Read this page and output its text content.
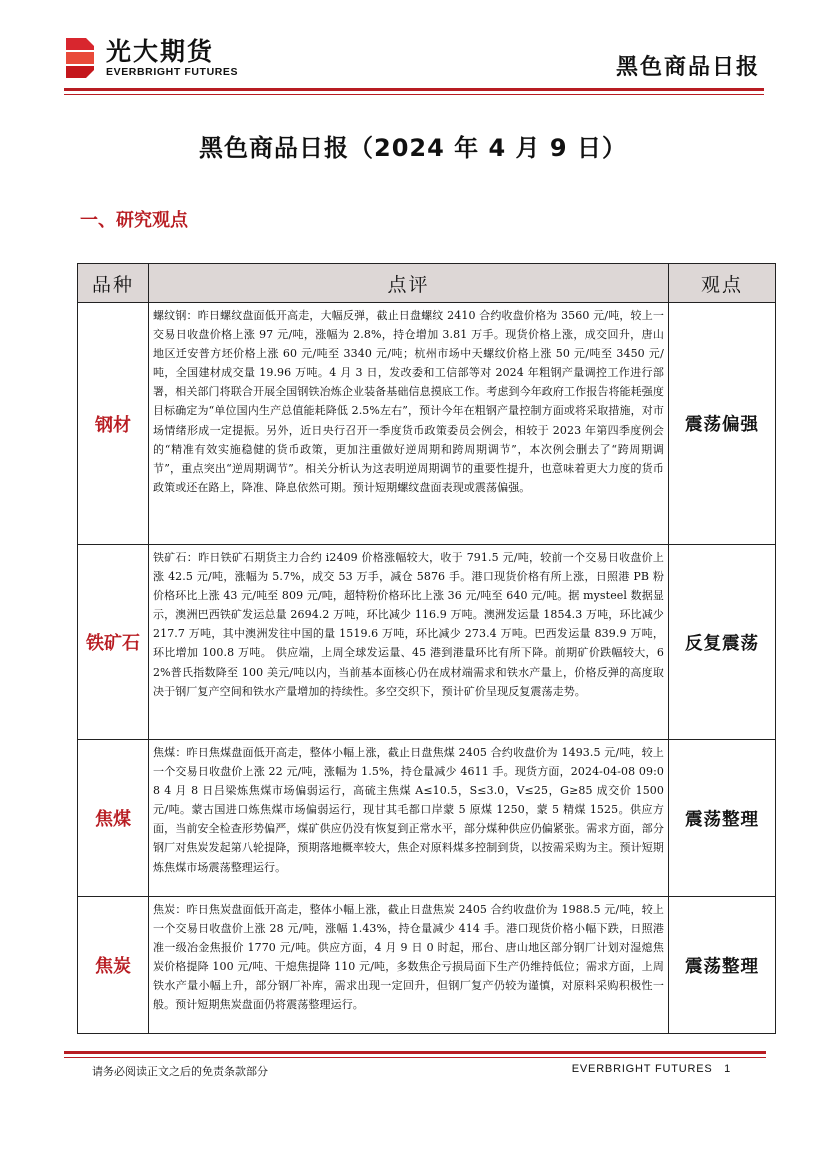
光大期货
EVERBRIGHT FUTURES	黑色商品日报
黑色商品日报（2024 年 4 月 9 日）
一、研究观点
品种	点评	观点
钢材	螺纹钢：昨日螺纹盘面低开高走，大幅反弹，截止日盘螺纹 2410 合约收盘价格为 3560 元/吨，较上一交易日收盘价格上涨 97 元/吨，涨幅为 2.8%，持仓增加 3.81 万手。现货价格上涨，成交回升，唐山地区迁安普方坯价格上涨 60 元/吨至 3340 元/吨；杭州市场中天螺纹价格上涨 50 元/吨至 3450 元/吨，全国建材成交量 19.96 万吨。4 月 3 日，发改委和工信部等对 2024 年粗钢产量调控工作进行部署，相关部门将联合开展全国钢铁冶炼企业装备基础信息摸底工作。考虑到今年政府工作报告将能耗强度目标确定为“单位国内生产总值能耗降低 2.5%左右”，预计今年在粗钢产量控制方面或将采取措施，对市场情绪形成一定提振。另外，近日央行召开一季度货币政策委员会例会，相较于 2023 年第四季度例会的“精准有效实施稳健的货币政策，更加注重做好逆周期和跨周期调节”，本次例会删去了“跨周期调节”，重点突出“逆周期调节”。相关分析认为这表明逆周期调节的重要性提升，也意味着更大力度的货币政策或还在路上，降准、降息依然可期。预计短期螺纹盘面表现或震荡偏强。	震荡偏强
铁矿石	铁矿石：昨日铁矿石期货主力合约 i2409 价格涨幅较大，收于 791.5 元/吨，较前一个交易日收盘价上涨 42.5 元/吨，涨幅为 5.7%，成交 53 万手，减仓 5876 手。港口现货价格有所上涨，日照港 PB 粉价格环比上涨 43 元/吨至 809 元/吨，超特粉价格环比上涨 36 元/吨至 640 元/吨。据 mysteel 数据显示，澳洲巴西铁矿发运总量 2694.2 万吨，环比减少 116.9 万吨。澳洲发运量 1854.3 万吨，环比减少 217.7 万吨，其中澳洲发往中国的量 1519.6 万吨，环比减少 273.4 万吨。巴西发运量 839.9 万吨，环比增加 100.8 万吨。 供应端，上周全球发运量、45 港到港量环比有所下降。前期矿价跌幅较大，62%普氏指数降至 100 美元/吨以内，当前基本面核心仍在成材端需求和铁水产量上，价格反弹的高度取决于钢厂复产空间和铁水产量增加的持续性。多空交织下，预计矿价呈现反复震荡走势。	反复震荡
焦煤	焦煤：昨日焦煤盘面低开高走，整体小幅上涨，截止日盘焦煤 2405 合约收盘价为 1493.5 元/吨，较上一个交易日收盘价上涨 22 元/吨，涨幅为 1.5%，持仓量减少 4611 手。现货方面，2024-04-08 09:08 4 月 8 日吕梁炼焦煤市场偏弱运行，高硫主焦煤 A≤10.5，S≤3.0，V≤25，G≥85 成交价 1500 元/吨。蒙古国进口炼焦煤市场偏弱运行，现甘其毛都口岸蒙 5 原煤 1250，蒙 5 精煤 1525。供应方面，当前安全检查形势偏严，煤矿供应仍没有恢复到正常水平，部分煤种供应仍偏紧张。需求方面，部分钢厂对焦炭发起第八轮提降，预期落地概率较大，焦企对原料煤多控制到货，以按需采购为主。预计短期炼焦煤市场震荡整理运行。	震荡整理
焦炭	焦炭：昨日焦炭盘面低开高走，整体小幅上涨，截止日盘焦炭 2405 合约收盘价为 1988.5 元/吨，较上一个交易日收盘价上涨 28 元/吨，涨幅 1.43%，持仓量减少 414 手。港口现货价格小幅下跌，日照港准一级冶金焦报价 1770 元/吨。供应方面，4 月 9 日 0 时起，邢台、唐山地区部分钢厂计划对湿熄焦炭价格提降 100 元/吨、干熄焦提降 110 元/吨，多数焦企亏损局面下生产仍维持低位；需求方面，上周铁水产量小幅上升，部分钢厂补库，需求出现一定回升，但钢厂复产仍较为谨慎，对原料采购积极性一般。预计短期焦炭盘面仍将震荡整理运行。	震荡整理
请务必阅读正文之后的免责条款部分	EVERBRIGHT FUTURES 1
